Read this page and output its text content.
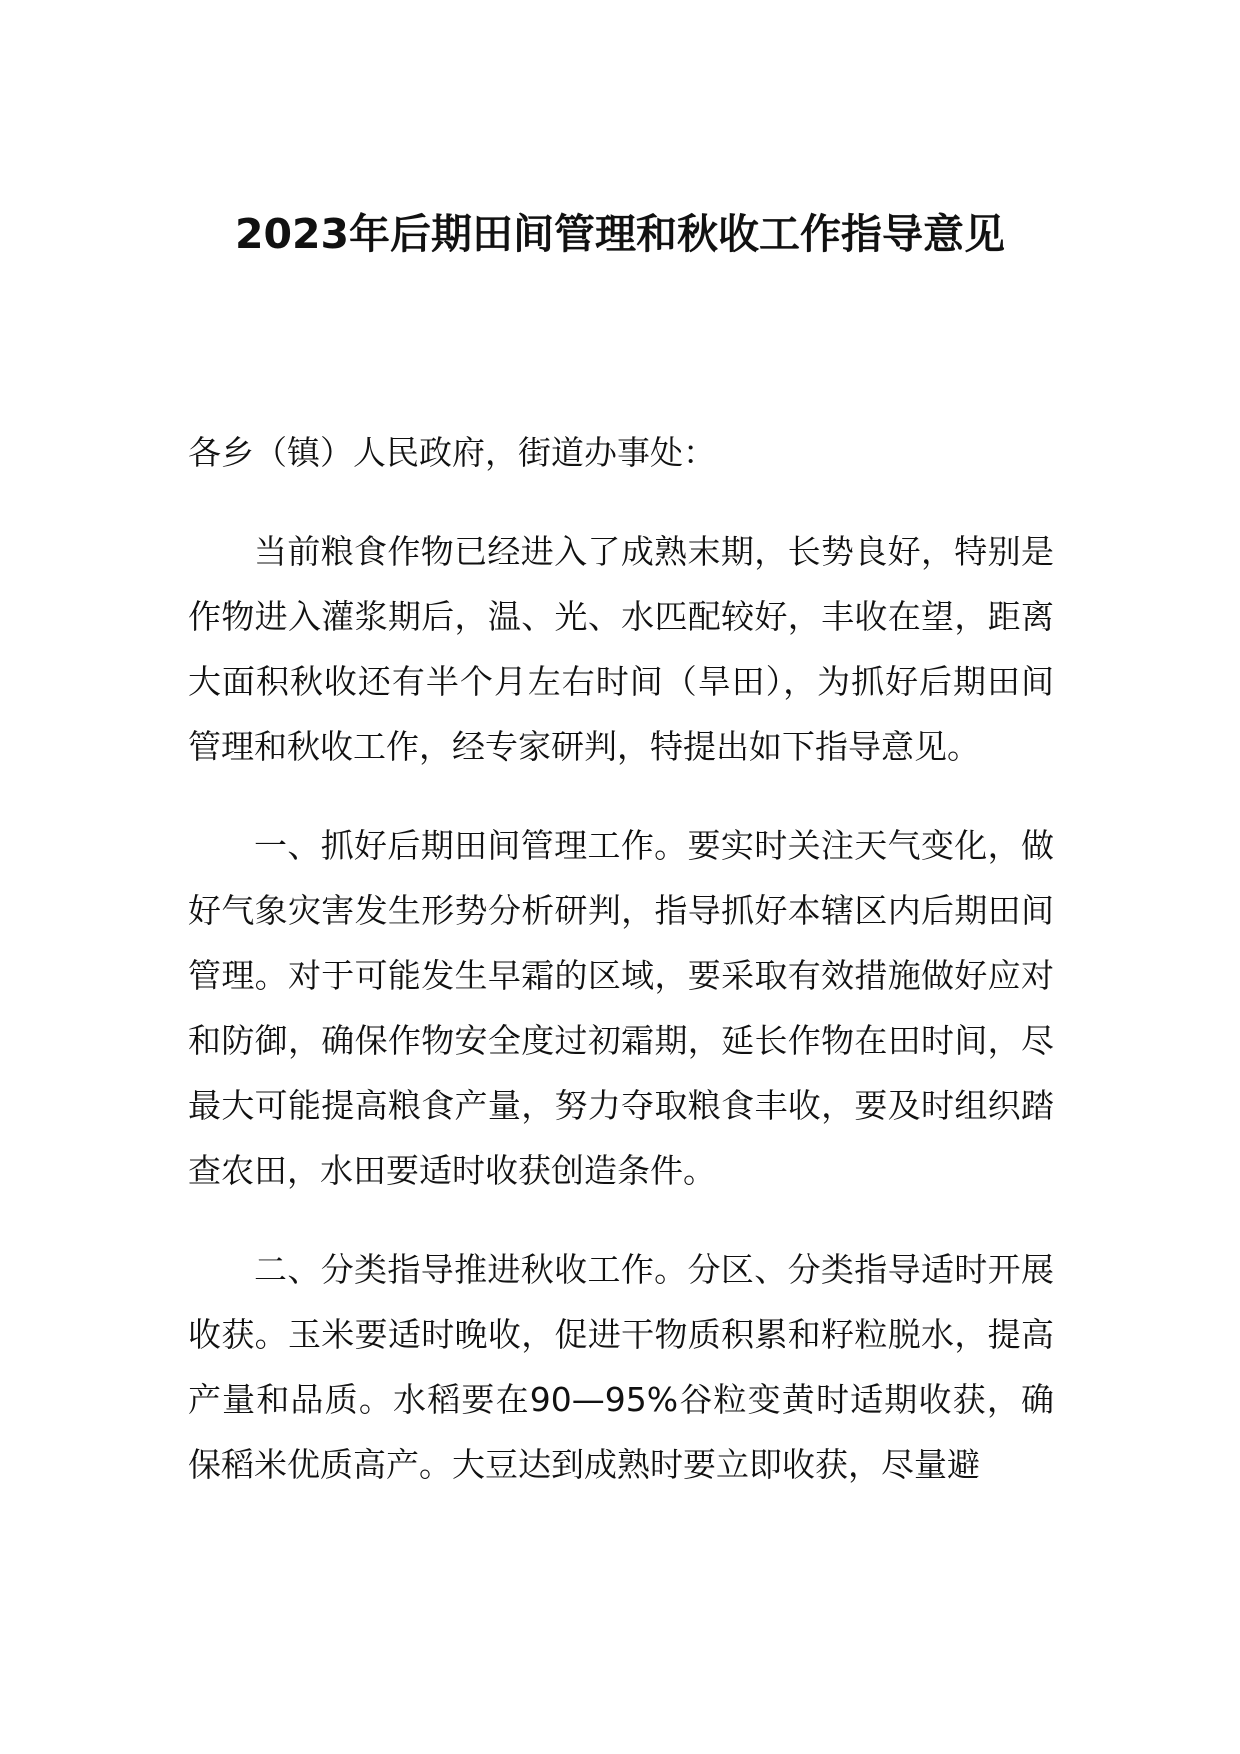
2023年后期田间管理和秋收工作指导意见

各乡（镇）人民政府，街道办事处：

当前粮食作物已经进入了成熟末期，长势良好，特别是作物进入灌浆期后，温、光、水匹配较好，丰收在望，距离大面积秋收还有半个月左右时间（旱田），为抓好后期田间管理和秋收工作，经专家研判，特提出如下指导意见。

一、抓好后期田间管理工作。要实时关注天气变化，做好气象灾害发生形势分析研判，指导抓好本辖区内后期田间管理。对于可能发生早霜的区域，要采取有效措施做好应对和防御，确保作物安全度过初霜期，延长作物在田时间，尽最大可能提高粮食产量，努力夺取粮食丰收，要及时组织踏查农田，水田要适时收获创造条件。

二、分类指导推进秋收工作。分区、分类指导适时开展收获。玉米要适时晚收，促进干物质积累和籽粒脱水，提高产量和品质。水稻要在90—95%谷粒变黄时适期收获，确保稻米优质高产。大豆达到成熟时要立即收获，尽量避
